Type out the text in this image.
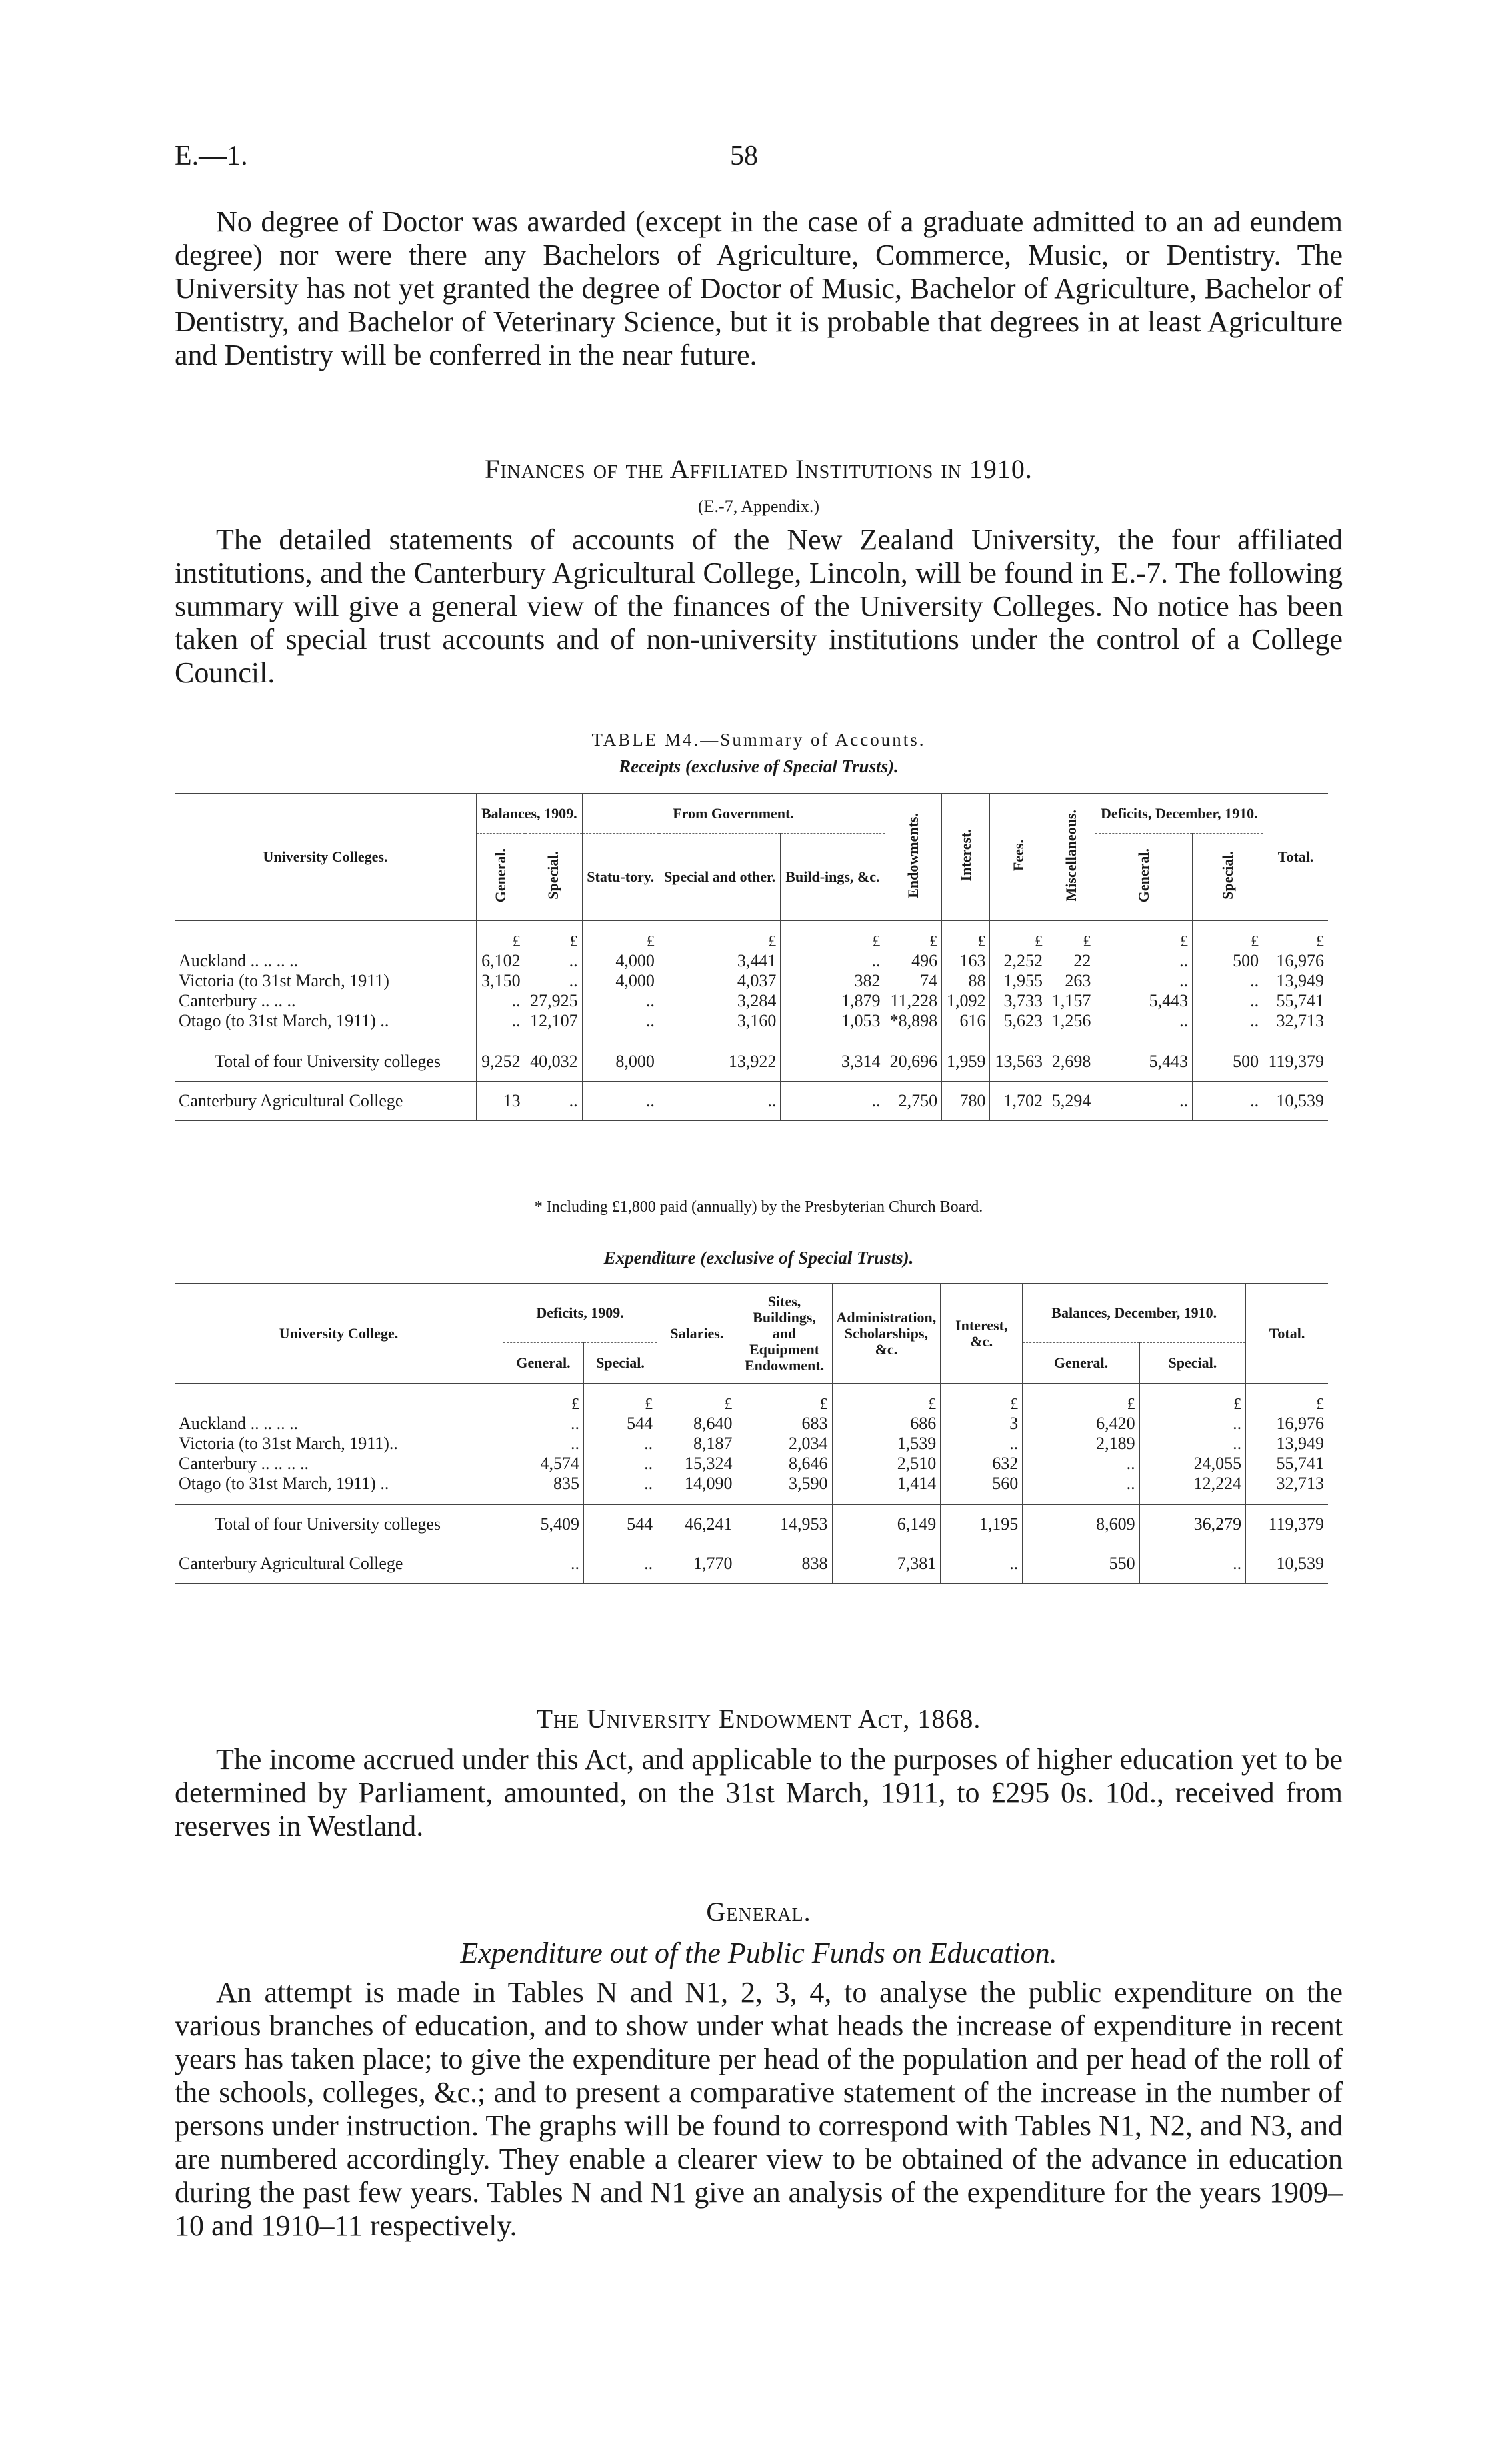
E.—1.	58

No degree of Doctor was awarded (except in the case of a graduate admitted to an ad eundem degree) nor were there any Bachelors of Agriculture, Commerce, Music, or Dentistry. The University has not yet granted the degree of Doctor of Music, Bachelor of Agriculture, Bachelor of Dentistry, and Bachelor of Veterinary Science, but it is probable that degrees in at least Agriculture and Dentistry will be conferred in the near future.

Finances of the Affiliated Institutions in 1910.
(E.-7, Appendix.)

The detailed statements of accounts of the New Zealand University, the four affiliated institutions, and the Canterbury Agricultural College, Lincoln, will be found in E.-7. The following summary will give a general view of the finances of the University Colleges. No notice has been taken of special trust accounts and of non-university institutions under the control of a College Council.

TABLE M4.—Summary of Accounts.
Receipts (exclusive of Special Trusts).
University Colleges.	Balances, 1909.		From Government.			Endowments.	Interest.	Fees.	Miscellaneous.	Deficits, December, 1910.		Total.
	General.	Special.	Statu-tory.	Special and other.	Build-ings, &c.					General.	Special.	
	£	£	£	£	£	£	£	£	£	£	£	£
Auckland .. .. .. ..	6,102	..	4,000	3,441	..	496	163	2,252	22	..	500	16,976
Victoria (to 31st March, 1911)	3,150	..	4,000	4,037	382	74	88	1,955	263	..	..	13,949
Canterbury .. .. ..	..	27,925	..	3,284	1,879	11,228	1,092	3,733	1,157	5,443	..	55,741
Otago (to 31st March, 1911) ..	..	12,107	..	3,160	1,053	*8,898	616	5,623	1,256	..	..	32,713
Total of four University colleges	9,252	40,032	8,000	13,922	3,314	20,696	1,959	13,563	2,698	5,443	500	119,379
Canterbury Agricultural College	13	..	..	..	..	2,750	780	1,702	5,294	..	..	10,539
* Including £1,800 paid (annually) by the Presbyterian Church Board.
Expenditure (exclusive of Special Trusts).
University College.	Deficits, 1909.		Salaries.	Sites, Buildings, and Equipment Endowment.	Administration, Scholarships, &c.	Interest, &c.	Balances, December, 1910.		Total.
	General.	Special.					General.	Special.	
	£	£	£	£	£	£	£	£	£
Auckland .. .. .. ..	..	544	8,640	683	686	3	6,420	..	16,976
Victoria (to 31st March, 1911)..	..	..	8,187	2,034	1,539	..	2,189	..	13,949
Canterbury .. .. .. ..	4,574	..	15,324	8,646	2,510	632	..	24,055	55,741
Otago (to 31st March, 1911) ..	835	..	14,090	3,590	1,414	560	..	12,224	32,713
Total of four University colleges	5,409	544	46,241	14,953	6,149	1,195	8,609	36,279	119,379
Canterbury Agricultural College	..	..	1,770	838	7,381	..	550	..	10,539
The University Endowment Act, 1868.

The income accrued under this Act, and applicable to the purposes of higher education yet to be determined by Parliament, amounted, on the 31st March, 1911, to £295 0s. 10d., received from reserves in Westland.

General.
Expenditure out of the Public Funds on Education.

An attempt is made in Tables N and N1, 2, 3, 4, to analyse the public expenditure on the various branches of education, and to show under what heads the increase of expenditure in recent years has taken place; to give the expenditure per head of the population and per head of the roll of the schools, colleges, &c.; and to present a comparative statement of the increase in the number of persons under instruction. The graphs will be found to correspond with Tables N1, N2, and N3, and are numbered accordingly. They enable a clearer view to be obtained of the advance in education during the past few years. Tables N and N1 give an analysis of the expenditure for the years 1909–10 and 1910–11 respectively.
